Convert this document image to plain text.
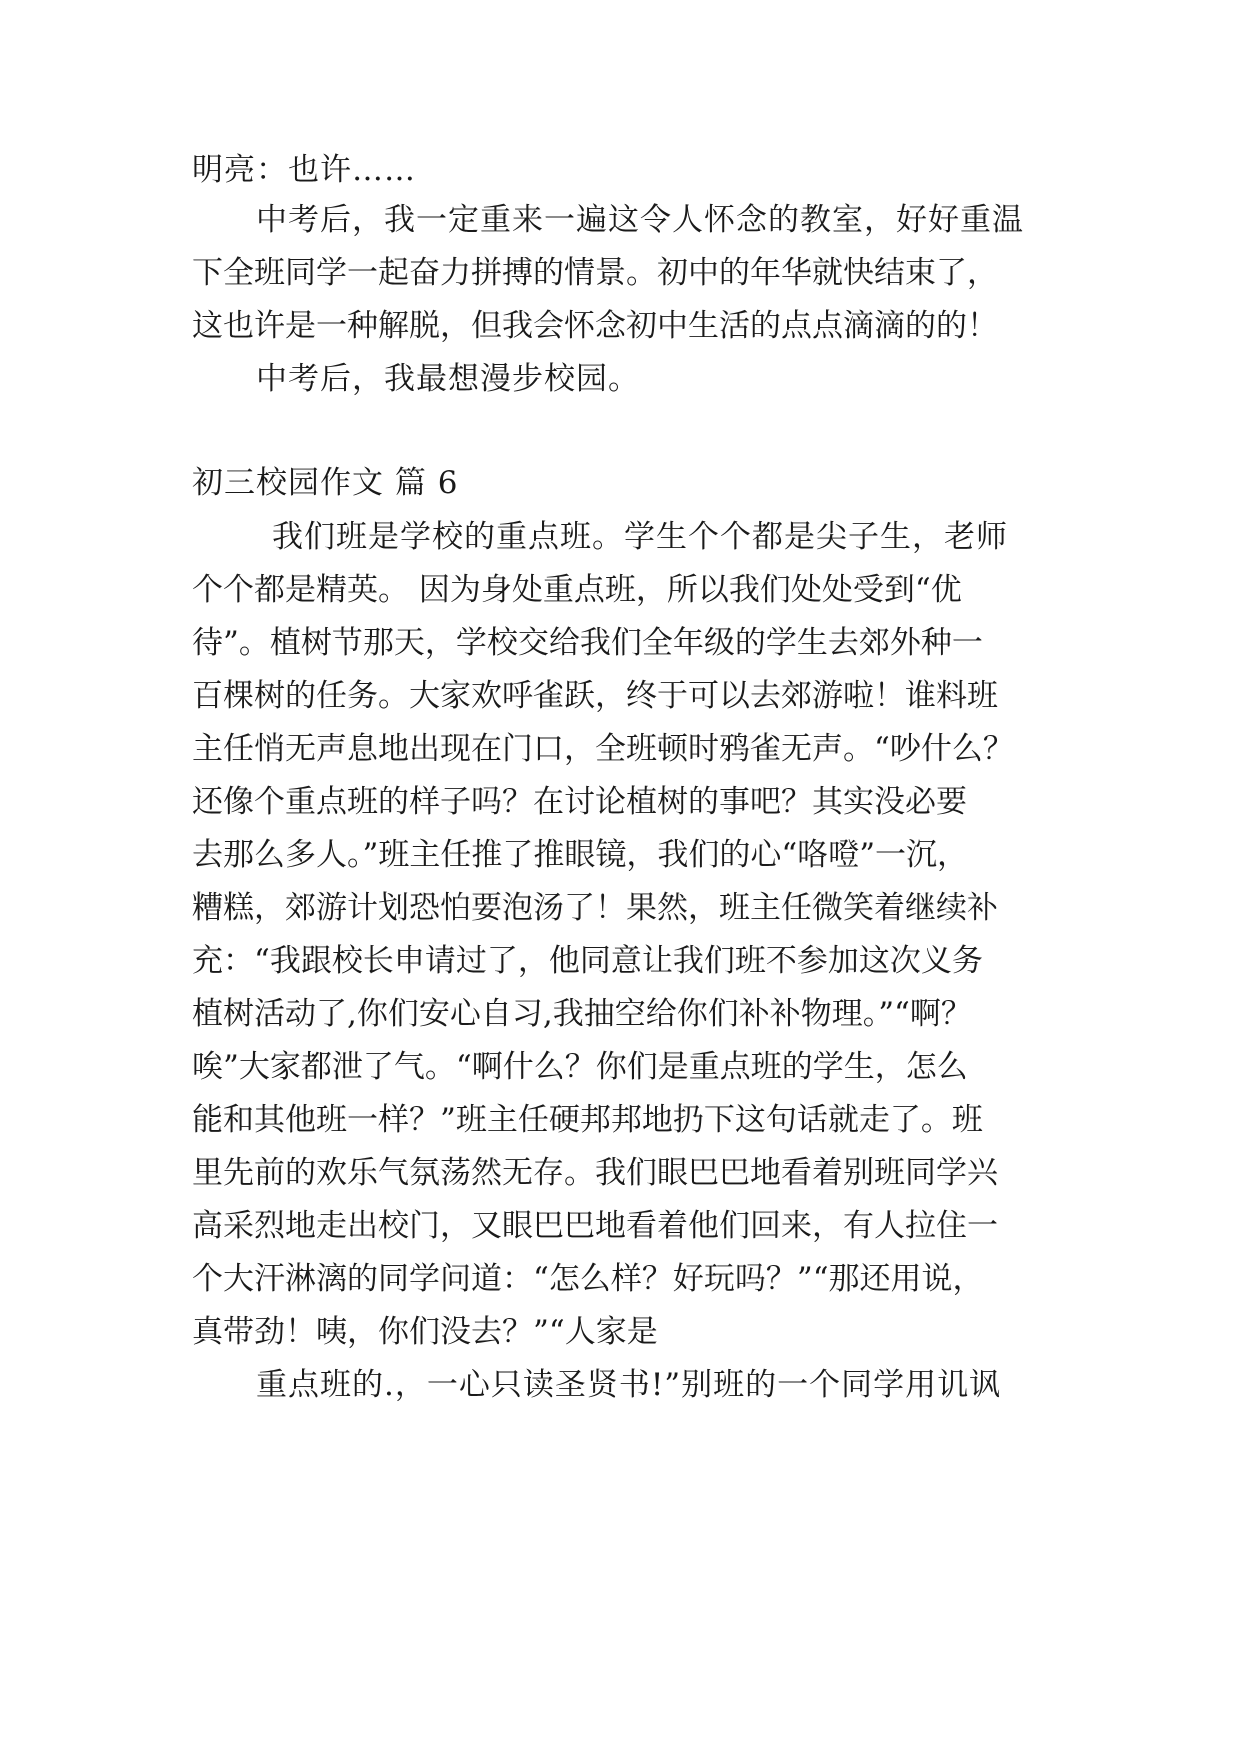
明亮：也许……
中考后，我一定重来一遍这令人怀念的教室，好好重温
下全班同学一起奋力拼搏的情景。初中的年华就快结束了，
这也许是一种解脱，但我会怀念初中生活的点点滴滴的的！
中考后，我最想漫步校园。
初三校园作文 篇 6
我们班是学校的重点班。学生个个都是尖子生，老师
个个都是精英。 因为身处重点班，所以我们处处受到“优
待”。植树节那天，学校交给我们全年级的学生去郊外种一
百棵树的任务。大家欢呼雀跃，终于可以去郊游啦！谁料班
主任悄无声息地出现在门口，全班顿时鸦雀无声。“吵什么？
还像个重点班的样子吗？在讨论植树的事吧？其实没必要
去那么多人。”班主任推了推眼镜，我们的心“咯噔”一沉，
糟糕，郊游计划恐怕要泡汤了！果然，班主任微笑着继续补
充：“我跟校长申请过了，他同意让我们班不参加这次义务
植树活动了,你们安心自习,我抽空给你们补补物理。”“啊？
唉”大家都泄了气。“啊什么？你们是重点班的学生，怎么
能和其他班一样？”班主任硬邦邦地扔下这句话就走了。班
里先前的欢乐气氛荡然无存。我们眼巴巴地看着别班同学兴
高采烈地走出校门，又眼巴巴地看着他们回来，有人拉住一
个大汗淋漓的同学问道：“怎么样？好玩吗？”“那还用说，
真带劲！咦，你们没去？”“人家是
重点班的.，一心只读圣贤书!”别班的一个同学用讥讽
